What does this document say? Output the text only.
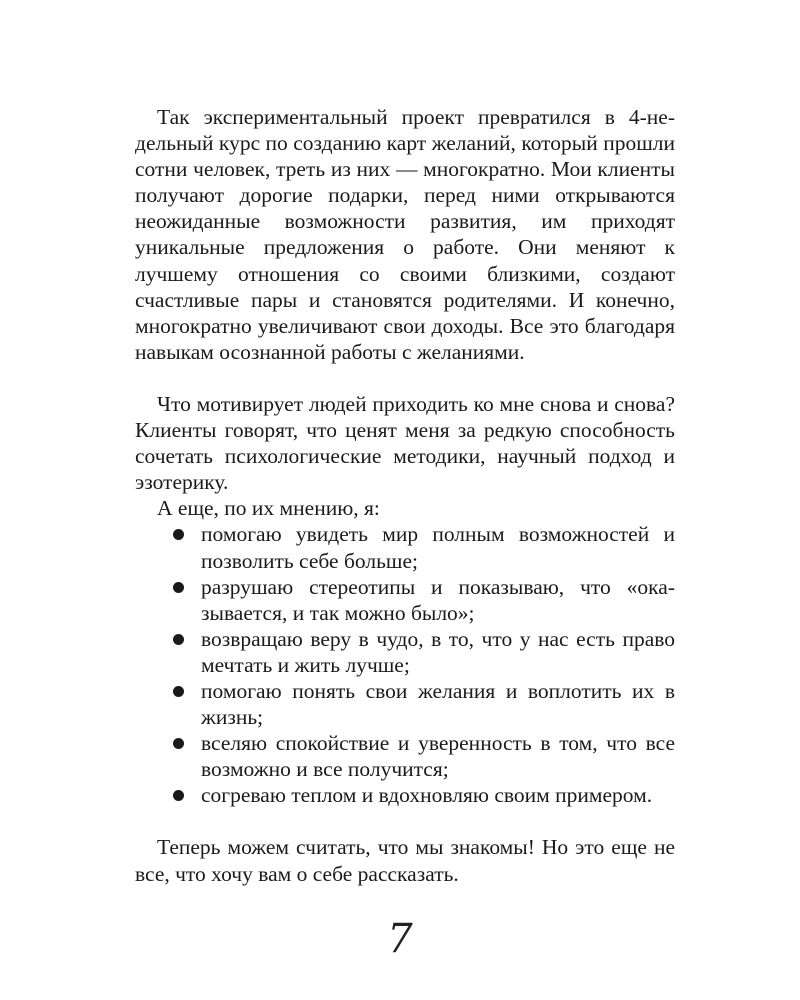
Так экспериментальный проект превратился в 4-недельный курс по созданию карт желаний, который прошли сотни человек, треть из них — многократно. Мои клиенты получают дорогие подарки, перед ними открываются неожиданные возможности развития, им приходят уникальные предложения о работе. Они меняют к лучшему отношения со своими близкими, создают счастливые пары и становятся родителями. И конечно, многократно увеличивают свои доходы. Все это благодаря навыкам осознанной работы с желаниями.

Что мотивирует людей приходить ко мне снова и снова? Клиенты говорят, что ценят меня за редкую способность сочетать психологические методики, научный подход и эзотерику.

А еще, по их мнению, я:

помогаю увидеть мир полным возможностей и позволить себе больше;
разрушаю стереотипы и показываю, что «оказывается, и так можно было»;
возвращаю веру в чудо, в то, что у нас есть право мечтать и жить лучше;
помогаю понять свои желания и воплотить их в жизнь;
вселяю спокойствие и уверенность в том, что все возможно и все получится;
согреваю теплом и вдохновляю своим примером.

Теперь можем считать, что мы знакомы! Но это еще не все, что хочу вам о себе рассказать.

7
